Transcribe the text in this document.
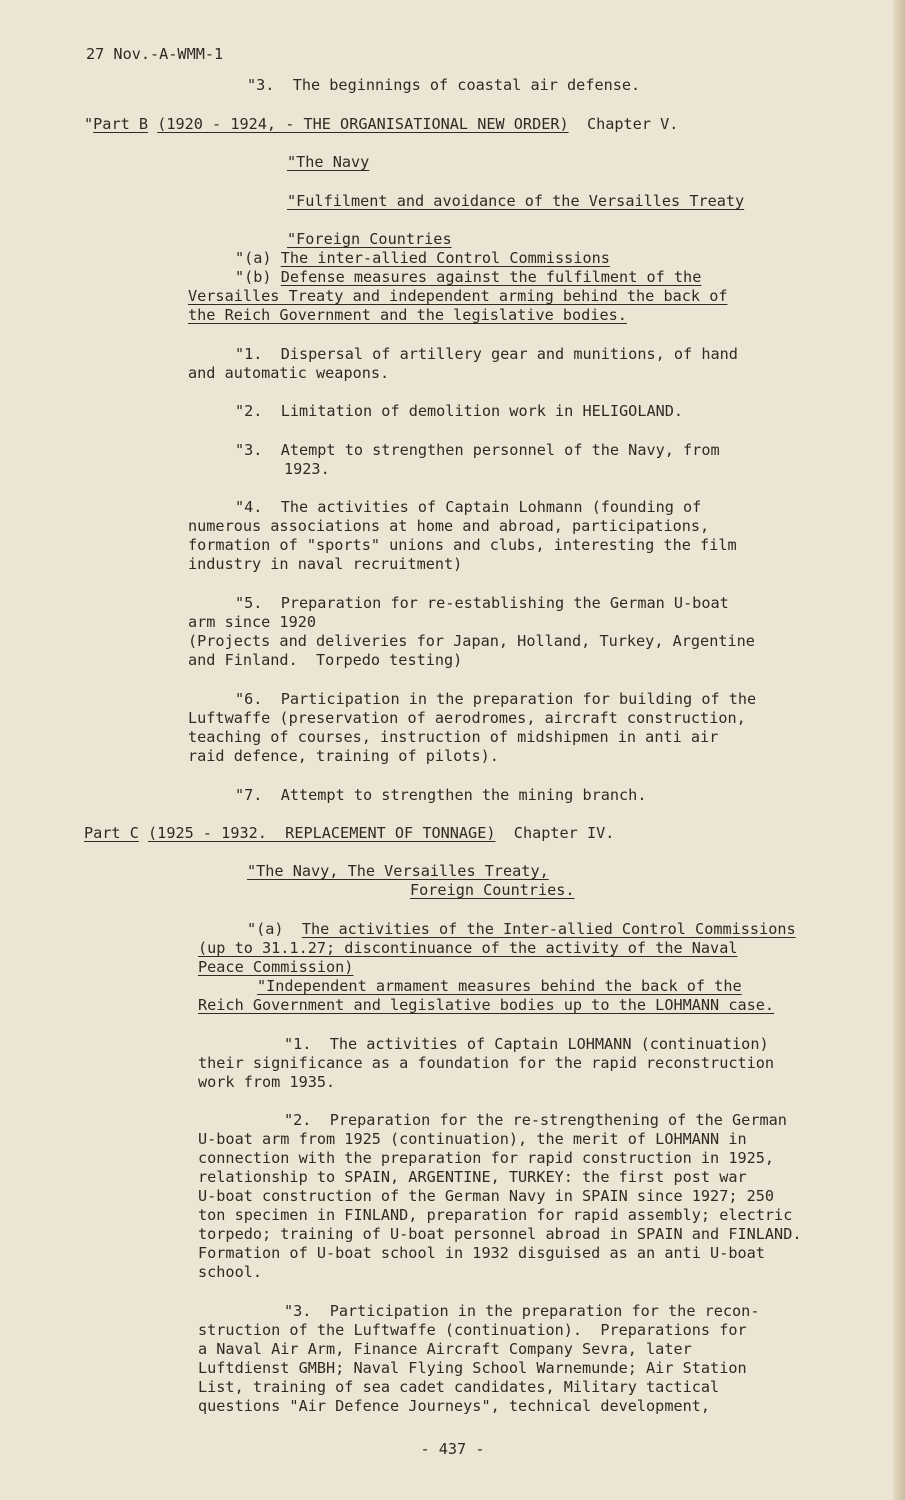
27 Nov.-A-WMM-1
"3.  The beginnings of coastal air defense.
"Part B (1920 - 1924, - THE ORGANISATIONAL NEW ORDER) Chapter V.
"The Navy
"Fulfilment and avoidance of the Versailles Treaty
"Foreign Countries
"(a) The inter-allied Control Commissions
"(b) Defense measures against the fulfilment of the
Versailles Treaty and independent arming behind the back of
the Reich Government and the legislative bodies.
"1.  Dispersal of artillery gear and munitions, of hand
and automatic weapons.
"2.  Limitation of demolition work in HELIGOLAND.
"3.  Atempt to strengthen personnel of the Navy, from
1923.
"4.  The activities of Captain Lohmann (founding of
numerous associations at home and abroad, participations,
formation of "sports" unions and clubs, interesting the film
industry in naval recruitment)
"5.  Preparation for re-establishing the German U-boat
arm since 1920
(Projects and deliveries for Japan, Holland, Turkey, Argentine
and Finland.  Torpedo testing)
"6.  Participation in the preparation for building of the
Luftwaffe (preservation of aerodromes, aircraft construction,
teaching of courses, instruction of midshipmen in anti air
raid defence, training of pilots).
"7.  Attempt to strengthen the mining branch.
Part C (1925 - 1932.  REPLACEMENT OF TONNAGE) Chapter IV.
"The Navy, The Versailles Treaty,
Foreign Countries.
"(a) The activities of the Inter-allied Control Commissions
(up to 31.1.27; discontinuance of the activity of the Naval
Peace Commission)
"Independent armament measures behind the back of the
Reich Government and legislative bodies up to the LOHMANN case.
"1.  The activities of Captain LOHMANN (continuation)
their significance as a foundation for the rapid reconstruction
work from 1935.
"2.  Preparation for the re-strengthening of the German
U-boat arm from 1925 (continuation), the merit of LOHMANN in
connection with the preparation for rapid construction in 1925,
relationship to SPAIN, ARGENTINE, TURKEY: the first post war
U-boat construction of the German Navy in SPAIN since 1927; 250
ton specimen in FINLAND, preparation for rapid assembly; electric
torpedo; training of U-boat personnel abroad in SPAIN and FINLAND.
Formation of U-boat school in 1932 disguised as an anti U-boat
school.
"3.  Participation in the preparation for the recon-
struction of the Luftwaffe (continuation).  Preparations for
a Naval Air Arm, Finance Aircraft Company Sevra, later
Luftdienst GMBH; Naval Flying School Warnemunde; Air Station
List, training of sea cadet candidates, Military tactical
questions "Air Defence Journeys", technical development,
- 437 -
